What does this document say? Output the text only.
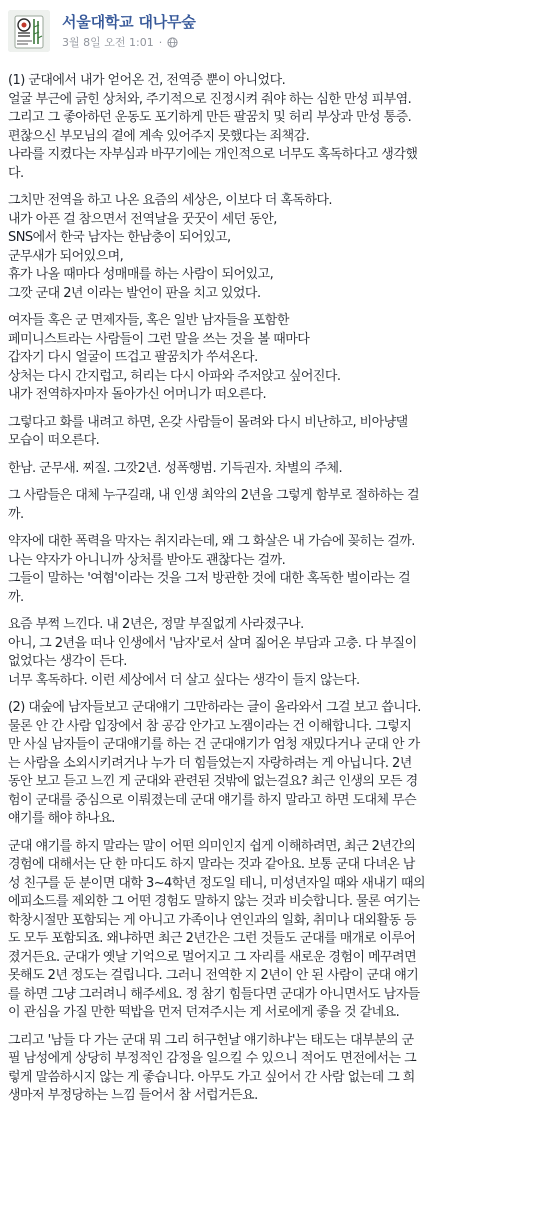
서울대학교 대나무숲
3월 8일 오전 1:01 ·

(1) 군대에서 내가 얻어온 건, 전역증 뿐이 아니었다.
얼굴 부근에 긁힌 상처와, 주기적으로 진정시켜 줘야 하는 심한 만성 피부염.
그리고 그 좋아하던 운동도 포기하게 만든 팔꿈치 및 허리 부상과 만성 통증.
편찮으신 부모님의 곁에 계속 있어주지 못했다는 죄책감.
나라를 지켰다는 자부심과 바꾸기에는 개인적으로 너무도 혹독하다고 생각했
다.

그치만 전역을 하고 나온 요즘의 세상은, 이보다 더 혹독하다.
내가 아픈 걸 참으면서 전역날을 꿋꿋이 세던 동안,
SNS에서 한국 남자는 한남충이 되어있고,
군무새가 되어있으며,
휴가 나올 때마다 성매매를 하는 사람이 되어있고,
그깟 군대 2년 이라는 발언이 판을 치고 있었다.

여자들 혹은 군 면제자들, 혹은 일반 남자들을 포함한
페미니스트라는 사람들이 그런 말을 쓰는 것을 볼 때마다
갑자기 다시 얼굴이 뜨겁고 팔꿈치가 쑤셔온다.
상처는 다시 간지럽고, 허리는 다시 아파와 주저앉고 싶어진다.
내가 전역하자마자 돌아가신 어머니가 떠오른다.

그렇다고 화를 내려고 하면, 온갖 사람들이 몰려와 다시 비난하고, 비아냥댈
모습이 떠오른다.

한남. 군무새. 찌질. 그깟2년. 성폭행범. 기득권자. 차별의 주체.

그 사람들은 대체 누구길래, 내 인생 최악의 2년을 그렇게 함부로 절하하는 걸
까.

약자에 대한 폭력을 막자는 취지라는데, 왜 그 화살은 내 가슴에 꽂히는 걸까.
나는 약자가 아니니까 상처를 받아도 괜찮다는 걸까.
그들이 말하는 '여혐'이라는 것을 그저 방관한 것에 대한 혹독한 벌이라는 걸
까.

요즘 부쩍 느낀다. 내 2년은, 정말 부질없게 사라졌구나.
아니, 그 2년을 떠나 인생에서 '남자'로서 살며 짊어온 부담과 고충. 다 부질이
없었다는 생각이 든다.
너무 혹독하다. 이런 세상에서 더 살고 싶다는 생각이 들지 않는다.

(2) 대숲에 남자들보고 군대얘기 그만하라는 글이 올라와서 그걸 보고 씁니다.
물론 안 간 사람 입장에서 참 공감 안가고 노잼이라는 건 이해합니다. 그렇지
만 사실 남자들이 군대얘기를 하는 건 군대얘기가 엄청 재밌다거나 군대 안 가
는 사람을 소외시키려거나 누가 더 힘들었는지 자랑하려는 게 아닙니다. 2년
동안 보고 듣고 느낀 게 군대와 관련된 것밖에 없는걸요? 최근 인생의 모든 경
험이 군대를 중심으로 이뤄졌는데 군대 얘기를 하지 말라고 하면 도대체 무슨
얘기를 해야 하나요.

군대 얘기를 하지 말라는 말이 어떤 의미인지 쉽게 이해하려면, 최근 2년간의
경험에 대해서는 단 한 마디도 하지 말라는 것과 같아요. 보통 군대 다녀온 남
성 친구를 둔 분이면 대학 3~4학년 정도일 테니, 미성년자일 때와 새내기 때의
에피소드를 제외한 그 어떤 경험도 말하지 않는 것과 비슷합니다. 물론 여기는
학창시절만 포함되는 게 아니고 가족이나 연인과의 일화, 취미나 대외활동 등
도 모두 포함되죠. 왜냐하면 최근 2년간은 그런 것들도 군대를 매개로 이루어
졌거든요. 군대가 옛날 기억으로 멀어지고 그 자리를 새로운 경험이 메꾸려면
못해도 2년 정도는 걸립니다. 그러니 전역한 지 2년이 안 된 사람이 군대 얘기
를 하면 그냥 그러려니 해주세요. 정 참기 힘들다면 군대가 아니면서도 남자들
이 관심을 가질 만한 떡밥을 먼저 던져주시는 게 서로에게 좋을 것 같네요.

그리고 '남들 다 가는 군대 뭐 그리 허구헌날 얘기하냐'는 태도는 대부분의 군
필 남성에게 상당히 부정적인 감정을 일으킬 수 있으니 적어도 면전에서는 그
렇게 말씀하시지 않는 게 좋습니다. 아무도 가고 싶어서 간 사람 없는데 그 희
생마저 부정당하는 느낌 들어서 참 서럽거든요.
